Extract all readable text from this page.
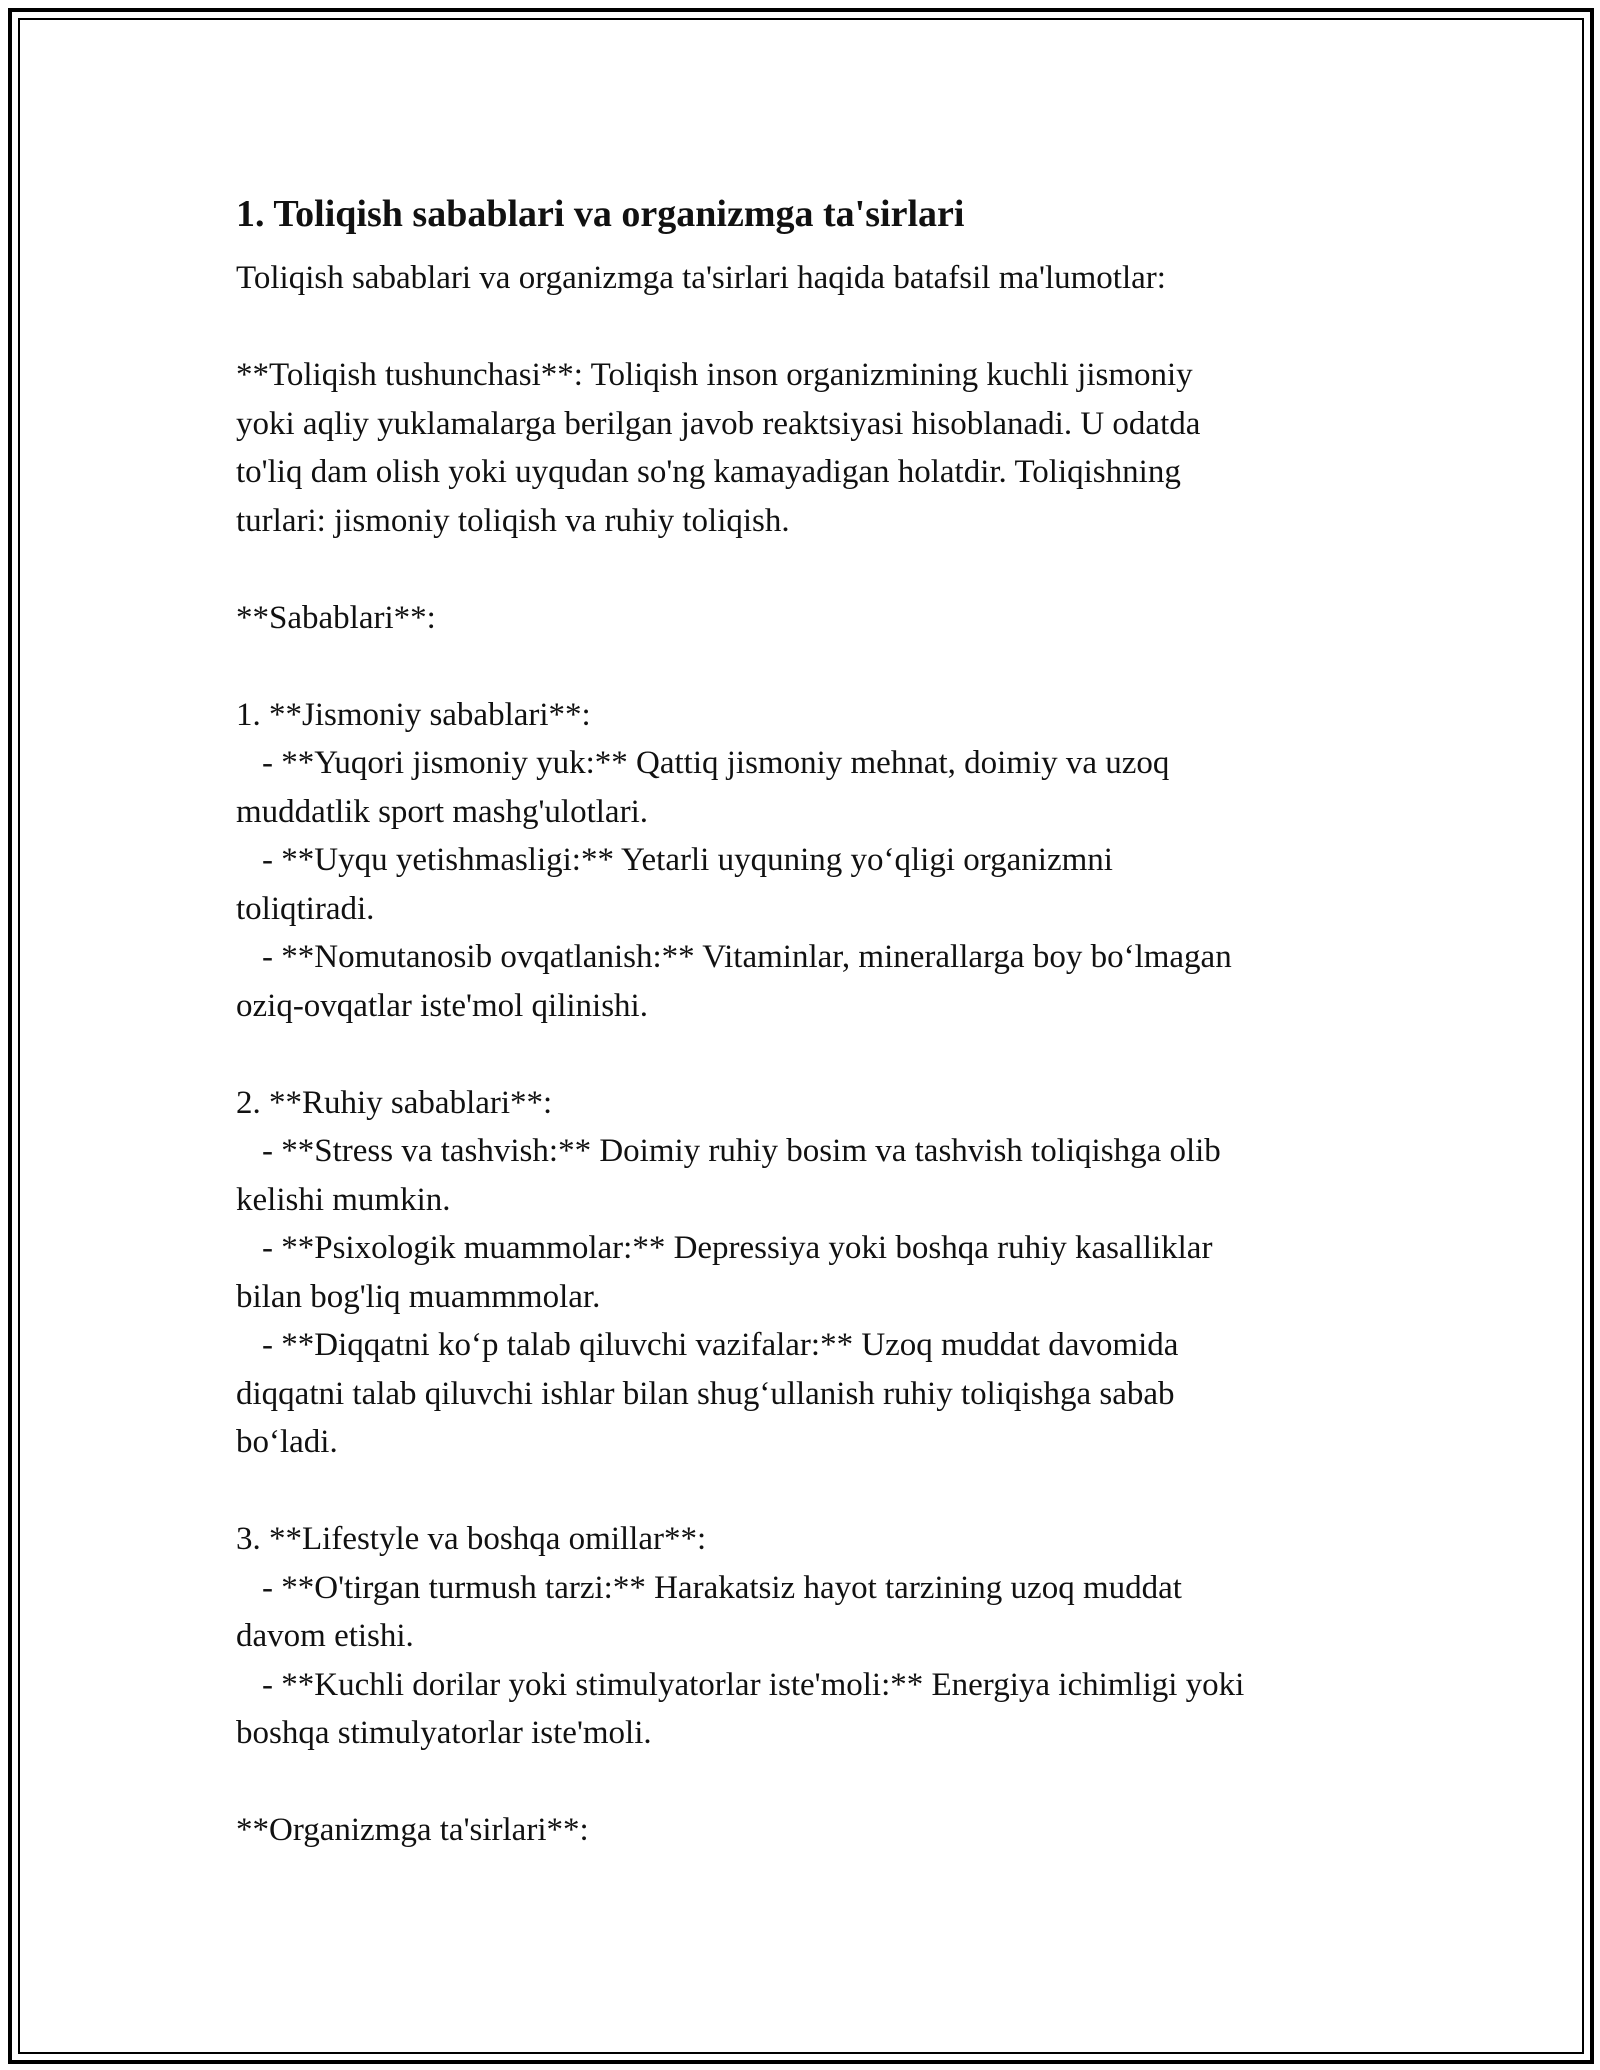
1. Toliqish sabablari va organizmga ta'sirlari
Toliqish sabablari va organizmga ta'sirlari haqida batafsil ma'lumotlar:
**Toliqish tushunchasi**: Toliqish inson organizmining kuchli jismoniy
yoki aqliy yuklamalarga berilgan javob reaktsiyasi hisoblanadi. U odatda
to'liq dam olish yoki uyqudan so'ng kamayadigan holatdir. Toliqishning
turlari: jismoniy toliqish va ruhiy toliqish.
**Sabablari**:
1. **Jismoniy sabablari**:
- **Yuqori jismoniy yuk:** Qattiq jismoniy mehnat, doimiy va uzoq
muddatlik sport mashg'ulotlari.
- **Uyqu yetishmasligi:** Yetarli uyquning yo‘qligi organizmni
toliqtiradi.
- **Nomutanosib ovqatlanish:** Vitaminlar, minerallarga boy bo‘lmagan
oziq-ovqatlar iste'mol qilinishi.
2. **Ruhiy sabablari**:
- **Stress va tashvish:** Doimiy ruhiy bosim va tashvish toliqishga olib
kelishi mumkin.
- **Psixologik muammolar:** Depressiya yoki boshqa ruhiy kasalliklar
bilan bog'liq muammmolar.
- **Diqqatni ko‘p talab qiluvchi vazifalar:** Uzoq muddat davomida
diqqatni talab qiluvchi ishlar bilan shug‘ullanish ruhiy toliqishga sabab
bo‘ladi.
3. **Lifestyle va boshqa omillar**:
- **O'tirgan turmush tarzi:** Harakatsiz hayot tarzining uzoq muddat
davom etishi.
- **Kuchli dorilar yoki stimulyatorlar iste'moli:** Energiya ichimligi yoki
boshqa stimulyatorlar iste'moli.
**Organizmga ta'sirlari**:
